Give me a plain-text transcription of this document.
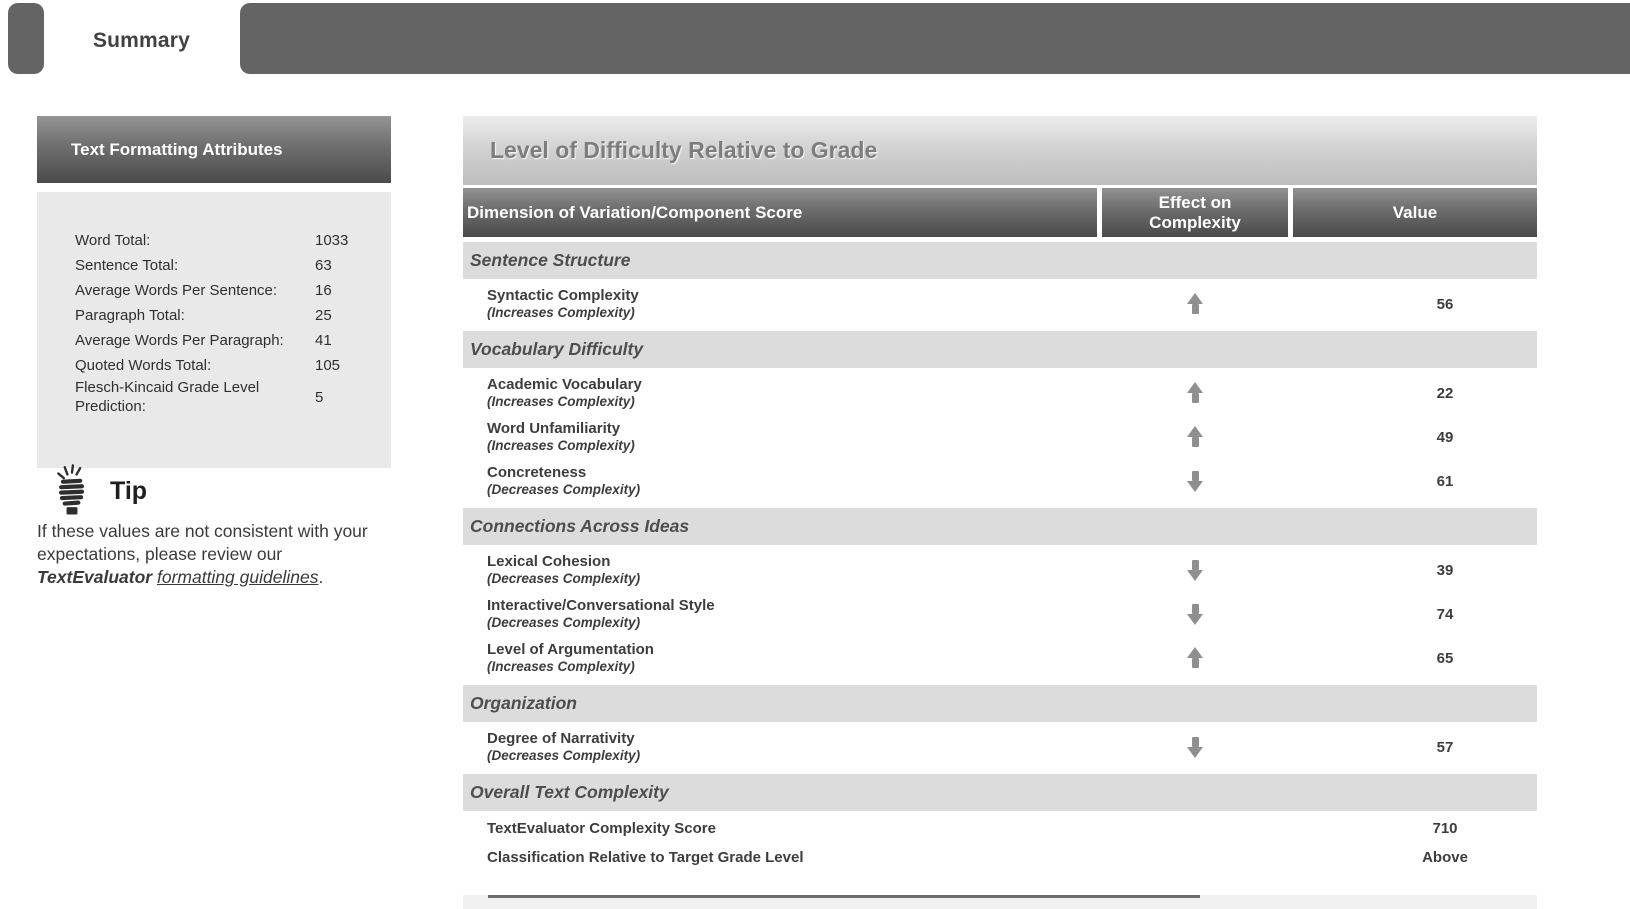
Summary
Text Formatting Attributes
Word Total:	1033
Sentence Total:	63
Average Words Per Sentence:	16
Paragraph Total:	25
Average Words Per Paragraph:	41
Quoted Words Total:	105
Flesch-Kincaid Grade Level Prediction:
5
Tip

If these values are not consistent with your expectations, please review our TextEvaluator formatting guidelines.

Level of Difficulty Relative to Grade
Dimension of Variation/Component Score
Effect on Complexity
Value
Sentence Structure
Syntactic Complexity
(Increases Complexity)	56
Vocabulary Difficulty
Academic Vocabulary
(Increases Complexity)	22
Word Unfamiliarity
(Increases Complexity)	49
Concreteness
(Decreases Complexity)	61
Connections Across Ideas
Lexical Cohesion
(Decreases Complexity)	39
Interactive/Conversational Style
(Decreases Complexity)	74
Level of Argumentation
(Increases Complexity)	65
Organization
Degree of Narrativity
(Decreases Complexity)	57
Overall Text Complexity
TextEvaluator Complexity Score	710
Classification Relative to Target Grade Level	Above
